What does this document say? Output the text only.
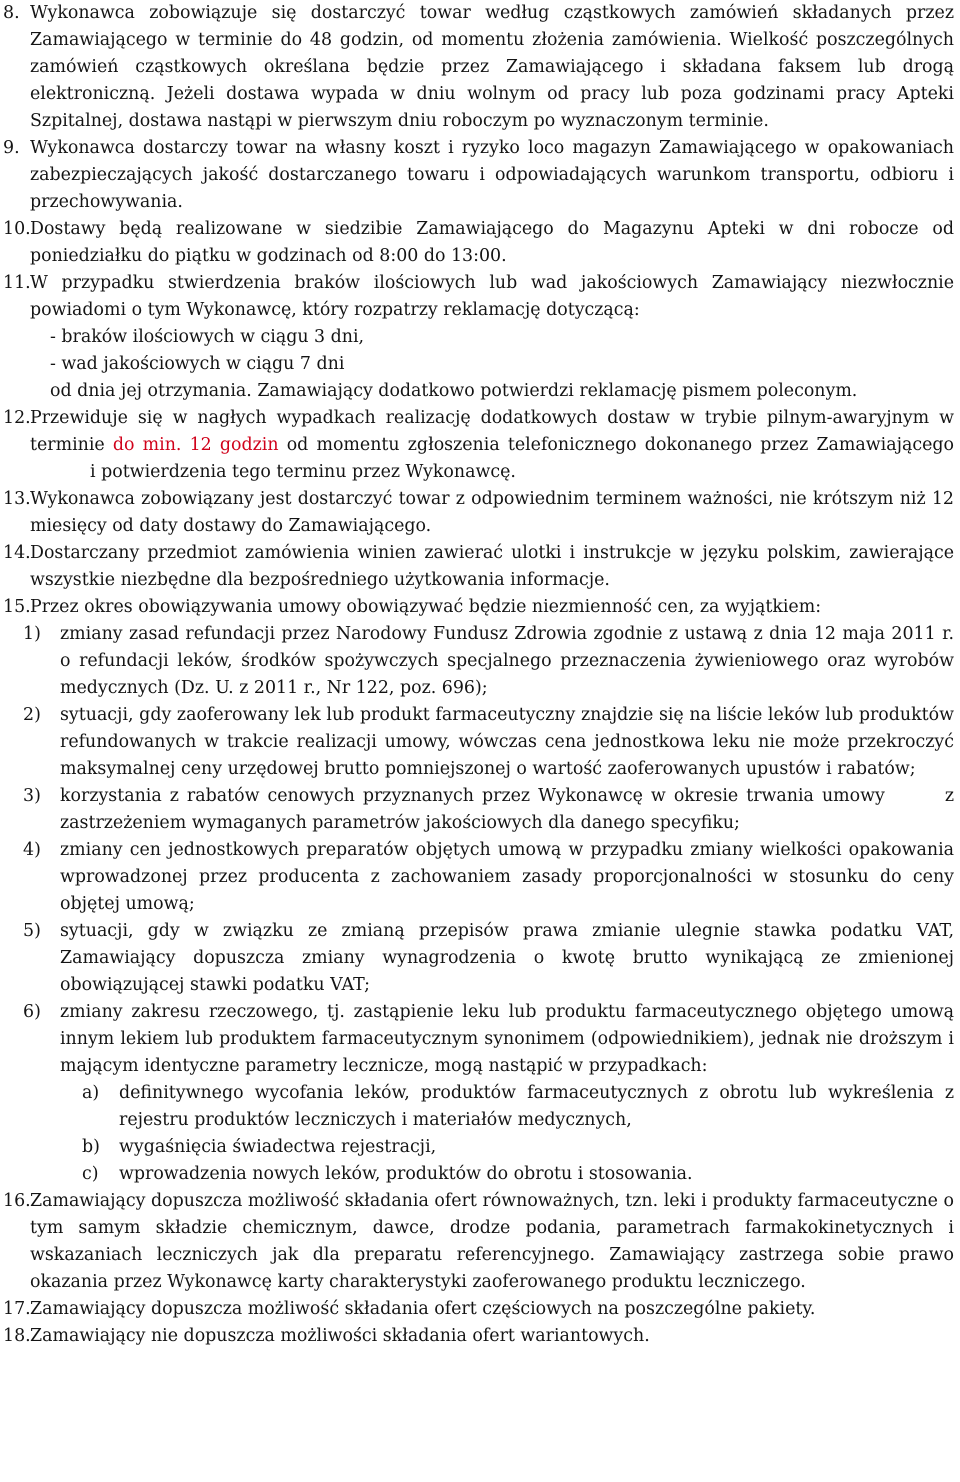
8. Wykonawca zobowiązuje się dostarczyć towar według cząstkowych zamówień składanych przez Zamawiającego w terminie do 48 godzin, od momentu złożenia zamówienia. Wielkość poszczególnych zamówień cząstkowych określana będzie przez Zamawiającego i składana faksem lub drogą elektroniczną. Jeżeli dostawa wypada w dniu wolnym od pracy lub poza godzinami pracy Apteki Szpitalnej, dostawa nastąpi w pierwszym dniu roboczym po wyznaczonym terminie.

9. Wykonawca dostarczy towar na własny koszt i ryzyko loco magazyn Zamawiającego w opakowaniach zabezpieczających jakość dostarczanego towaru i odpowiadających warunkom transportu, odbioru i przechowywania.

10. Dostawy będą realizowane w siedzibie Zamawiającego do Magazynu Apteki w dni robocze od poniedziałku do piątku w godzinach od 8:00 do 13:00.

11. W przypadku stwierdzenia braków ilościowych lub wad jakościowych Zamawiający niezwłocznie powiadomi o tym Wykonawcę, który rozpatrzy reklamację dotyczącą:

- braków ilościowych w ciągu 3 dni,

- wad jakościowych w ciągu 7 dni

od dnia jej otrzymania. Zamawiający dodatkowo potwierdzi reklamację pismem poleconym.

12. Przewiduje się w nagłych wypadkach realizację dodatkowych dostaw w trybie pilnym-awaryjnym w terminie do min. 12 godzin od momentu zgłoszenia telefonicznego dokonanego przez Zamawiającegoi potwierdzenia tego terminu przez Wykonawcę.

13. Wykonawca zobowiązany jest dostarczyć towar z odpowiednim terminem ważności, nie krótszym niż 12 miesięcy od daty dostawy do Zamawiającego.

14. Dostarczany przedmiot zamówienia winien zawierać ulotki i instrukcje w języku polskim, zawierające wszystkie niezbędne dla bezpośredniego użytkowania informacje.

15. Przez okres obowiązywania umowy obowiązywać będzie niezmienność cen, za wyjątkiem:

1) zmiany zasad refundacji przez Narodowy Fundusz Zdrowia zgodnie z ustawą z dnia 12 maja 2011 r. o refundacji leków, środków spożywczych specjalnego przeznaczenia żywieniowego oraz wyrobów medycznych (Dz. U. z 2011 r., Nr 122, poz. 696);

2) sytuacji, gdy zaoferowany lek lub produkt farmaceutyczny znajdzie się na liście leków lub produktów refundowanych w trakcie realizacji umowy, wówczas cena jednostkowa leku nie może przekroczyć maksymalnej ceny urzędowej brutto pomniejszonej o wartość zaoferowanych upustów i rabatów;

3) korzystania z rabatów cenowych przyznanych przez Wykonawcę w okresie trwania umowy	z zastrzeżeniem wymaganych parametrów jakościowych dla danego specyfiku;

4) zmiany cen jednostkowych preparatów objętych umową w przypadku zmiany wielkości opakowania wprowadzonej przez producenta z zachowaniem zasady proporcjonalności w stosunku do ceny objętej umową;

5) sytuacji, gdy w związku ze zmianą przepisów prawa zmianie ulegnie stawka podatku VAT, Zamawiający dopuszcza zmiany wynagrodzenia o kwotę brutto wynikającą ze zmienionej obowiązującej stawki podatku VAT;

6) zmiany zakresu rzeczowego, tj. zastąpienie leku lub produktu farmaceutycznego objętego umową innym lekiem lub produktem farmaceutycznym synonimem (odpowiednikiem), jednak nie droższym i mającym identyczne parametry lecznicze, mogą nastąpić w przypadkach:

a) definitywnego wycofania leków, produktów farmaceutycznych z obrotu lub wykreślenia z rejestru produktów leczniczych i materiałów medycznych,

b) wygaśnięcia świadectwa rejestracji,

c) wprowadzenia nowych leków, produktów do obrotu i stosowania.

16. Zamawiający dopuszcza możliwość składania ofert równoważnych, tzn. leki i produkty farmaceutyczne o tym samym składzie chemicznym, dawce, drodze podania, parametrach farmakokinetycznych i wskazaniach leczniczych jak dla preparatu referencyjnego. Zamawiający zastrzega sobie prawo okazania przez Wykonawcę karty charakterystyki zaoferowanego produktu leczniczego.

17. Zamawiający dopuszcza możliwość składania ofert częściowych na poszczególne pakiety.

18. Zamawiający nie dopuszcza możliwości składania ofert wariantowych.
